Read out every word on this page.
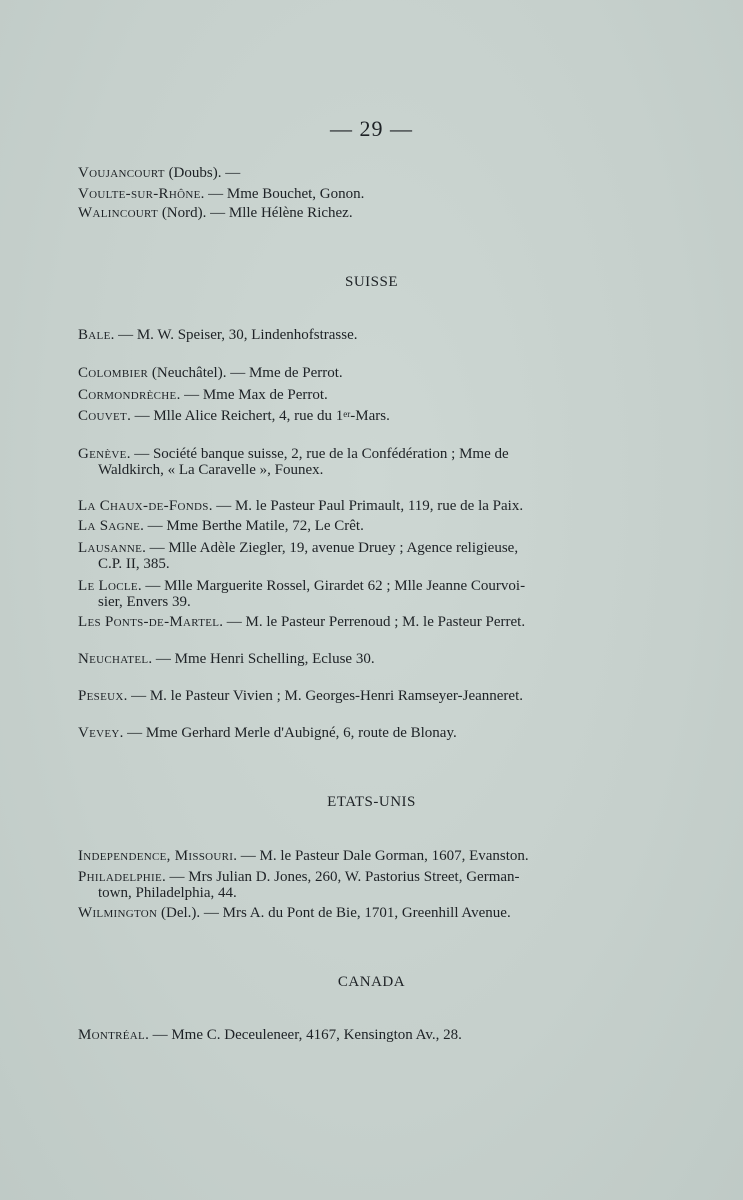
— 29 —
Voujancourt (Doubs). —
Voulte-sur-Rhône. — Mme Bouchet, Gonon.
Walincourt (Nord). — Mlle Hélène Richez.
SUISSE
Bale. — M. W. Speiser, 30, Lindenhofstrasse.
Colombier (Neuchâtel). — Mme de Perrot.
Cormondrèche. — Mme Max de Perrot.
Couvet. — Mlle Alice Reichert, 4, rue du 1er-Mars.
Genève. — Société banque suisse, 2, rue de la Confédération ; Mme de
Waldkirch, « La Caravelle », Founex.
La Chaux-de-Fonds. — M. le Pasteur Paul Primault, 119, rue de la Paix.
La Sagne. — Mme Berthe Matile, 72, Le Crêt.
Lausanne. — Mlle Adèle Ziegler, 19, avenue Druey ; Agence religieuse,
C.P. II, 385.
Le Locle. — Mlle Marguerite Rossel, Girardet 62 ; Mlle Jeanne Courvoi-
sier, Envers 39.
Les Ponts-de-Martel. — M. le Pasteur Perrenoud ; M. le Pasteur Perret.
Neuchatel. — Mme Henri Schelling, Ecluse 30.
Peseux. — M. le Pasteur Vivien ; M. Georges-Henri Ramseyer-Jeanneret.
Vevey. — Mme Gerhard Merle d'Aubigné, 6, route de Blonay.
ETATS-UNIS
Independence, Missouri. — M. le Pasteur Dale Gorman, 1607, Evanston.
Philadelphie. — Mrs Julian D. Jones, 260, W. Pastorius Street, German-
town, Philadelphia, 44.
Wilmington (Del.). — Mrs A. du Pont de Bie, 1701, Greenhill Avenue.
CANADA
Montréal. — Mme C. Deceuleneer, 4167, Kensington Av., 28.
